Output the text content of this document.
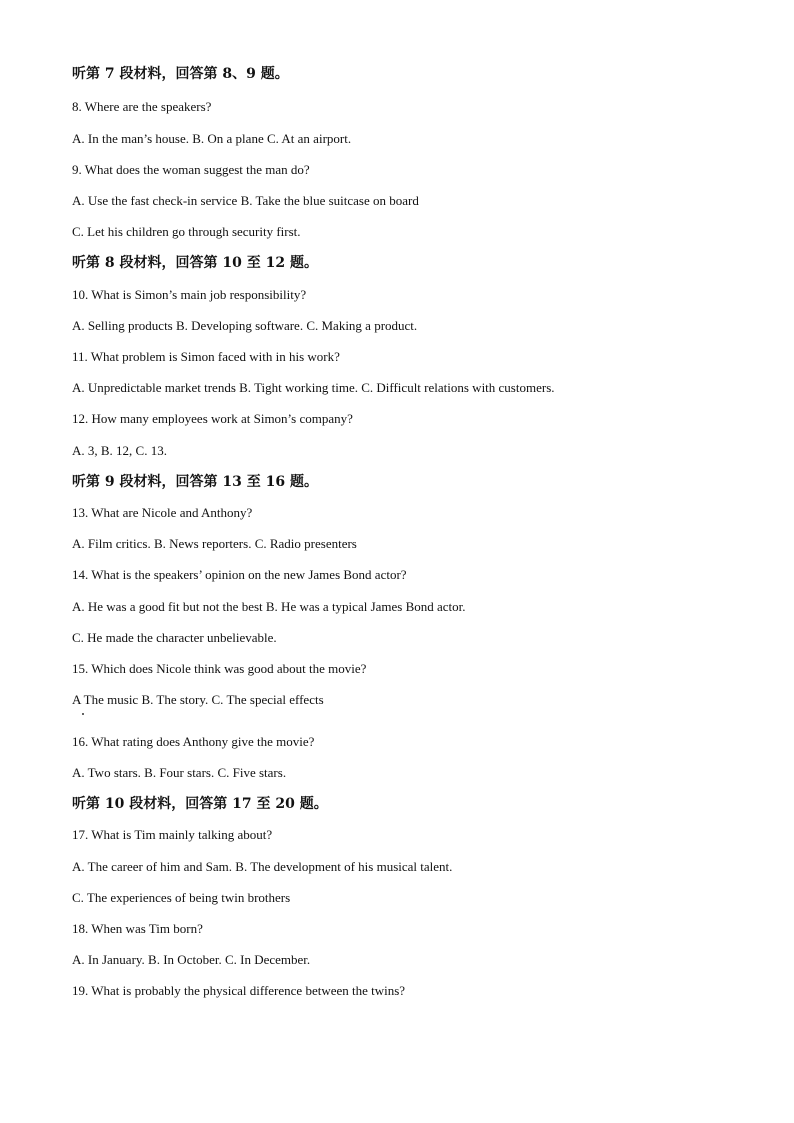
听第 7 段材料，回答第 8、9 题。
8. Where are the speakers?
A. In the man’s house. B. On a plane C. At an airport.
9. What does the woman suggest the man do?
A. Use the fast check-in service B. Take the blue suitcase on board
C. Let his children go through security first.
听第 8 段材料，回答第 10 至 12 题。
10. What is Simon’s main job responsibility?
A. Selling products B. Developing software. C. Making a product.
11. What problem is Simon faced with in his work?
A. Unpredictable market trends B. Tight working time. C. Difficult relations with customers.
12. How many employees work at Simon’s company?
A. 3, B. 12, C. 13.
听第 9 段材料，回答第 13 至 16 题。
13. What are Nicole and Anthony?
A. Film critics. B. News reporters. C. Radio presenters
14. What is the speakers’ opinion on the new James Bond actor?
A. He was a good fit but not the best B. He was a typical James Bond actor.
C. He made the character unbelievable.
15. Which does Nicole think was good about the movie?
A The music B. The story. C. The special effects
16. What rating does Anthony give the movie?
A. Two stars. B. Four stars. C. Five stars.
听第 10 段材料，回答第 17 至 20 题。
17. What is Tim mainly talking about?
A. The career of him and Sam. B. The development of his musical talent.
C. The experiences of being twin brothers
18. When was Tim born?
A. In January. B. In October. C. In December.
19. What is probably the physical difference between the twins?
